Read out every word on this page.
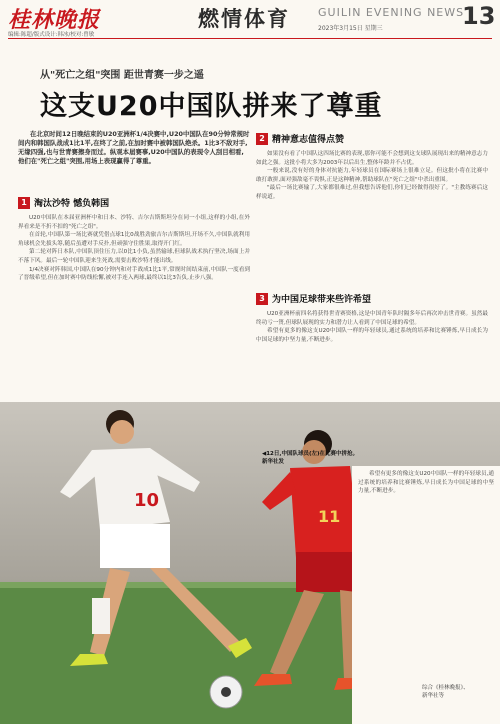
桂林晚报	燃情体育	GUILIN EVENING NEWS
2023年3月15日 星期三	13
编辑:陈超/版式设计:韩冰/校对:曾敏
从"死亡之组"突围 距世青赛一步之遥
这支U20中国队拼来了尊重
在北京时间12日晚结束的U20亚洲杯1/4决赛中,U20中国队在90分钟常规时间内和韩国队战成1比1平,在终了之前,在加时赛中被韩国队绝杀。1比3不敌对手,无缘四强,也与世青赛擦身而过。纵观本届赛事,U20中国队的表现令人刮目相看,他们在"死亡之组"突围,用场上表现赢得了尊重。
1 淘汰沙特 憾负韩国

U20中国队在本届亚洲杯中和日本、沙特、吉尔吉斯斯坦分在同一小组,这样的小组,在外界看来是不折不扣的"死亡之组"。

在首轮,中国队第一场比赛就凭借点球1比0战胜劲旅吉尔吉斯斯坦,开场不久,中国队就利用角球机会先拔头筹,随后虽遭对手反扑,但顽强守住胜果,取得开门红。

第二轮对阵日本队,中国队顶住压力,以0比1小负,虽然输球,但球队战术执行坚决,场面上并不落下风。最后一轮中国队迎来生死战,需要击败沙特才能出线。

1/4决赛对阵韩国,中国队在90分钟内和对手战成1比1平,常规时间结束前,中国队一度看到了晋级希望,但在加时赛中防线松懈,被对手连入两球,最终以1比3告负,止步八强。

2 精神意志值得点赞

如果没有看了中国队这四场比赛的表现,那你可能不会想到这支球队展现出来的精神意志力如此之强。这批小将大多为2003年以后出生,整体年龄并不占优。

一般来说,没有好的身体对抗能力,年轻球员在国际赛场上很难立足。但这批小将在比赛中敢打敢拼,面对强敌毫不畏惧,正是这种精神,帮助球队在"死亡之组"中杀出重围。

"最后一场比赛输了,大家都很难过,但我想告诉他们,你们已经做得很好了。"主教练赛后这样说道。

3 为中国足球带来些许希望

U20亚洲杯前四名将获得世青赛资格,这是中国青年队时隔多年后再次冲击世青赛。虽然最终功亏一篑,但球队展现的实力和潜力让人看到了中国足球的希望。

希望有更多的像这支U20中国队一样的年轻球员,通过系统的培养和比赛锤炼,早日成长为中国足球的中坚力量,不断进步。

10
11

希望有更多的像这支U20中国队一样的年轻球员,通过系统的培养和比赛锤炼,早日成长为中国足球的中坚力量,不断进步。

◀12日,中国队球员(左)在比赛中拼抢。
新华社发
综合《桂林晚报》、
新华社等
